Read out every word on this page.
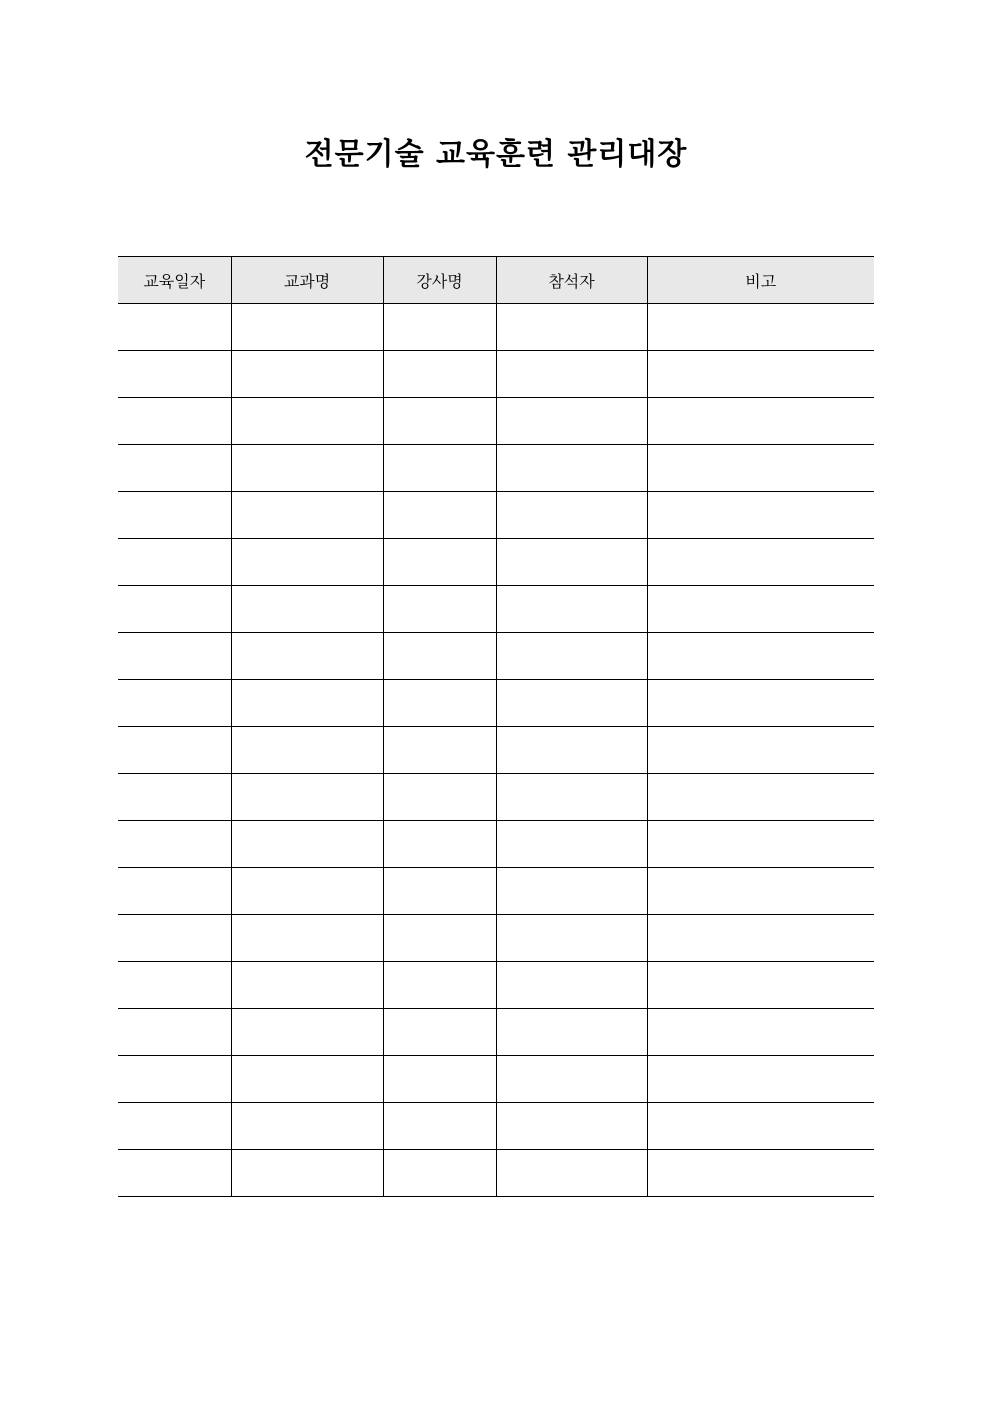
전문기술 교육훈련 관리대장
교육일자	교과명	강사명	참석자	비고
